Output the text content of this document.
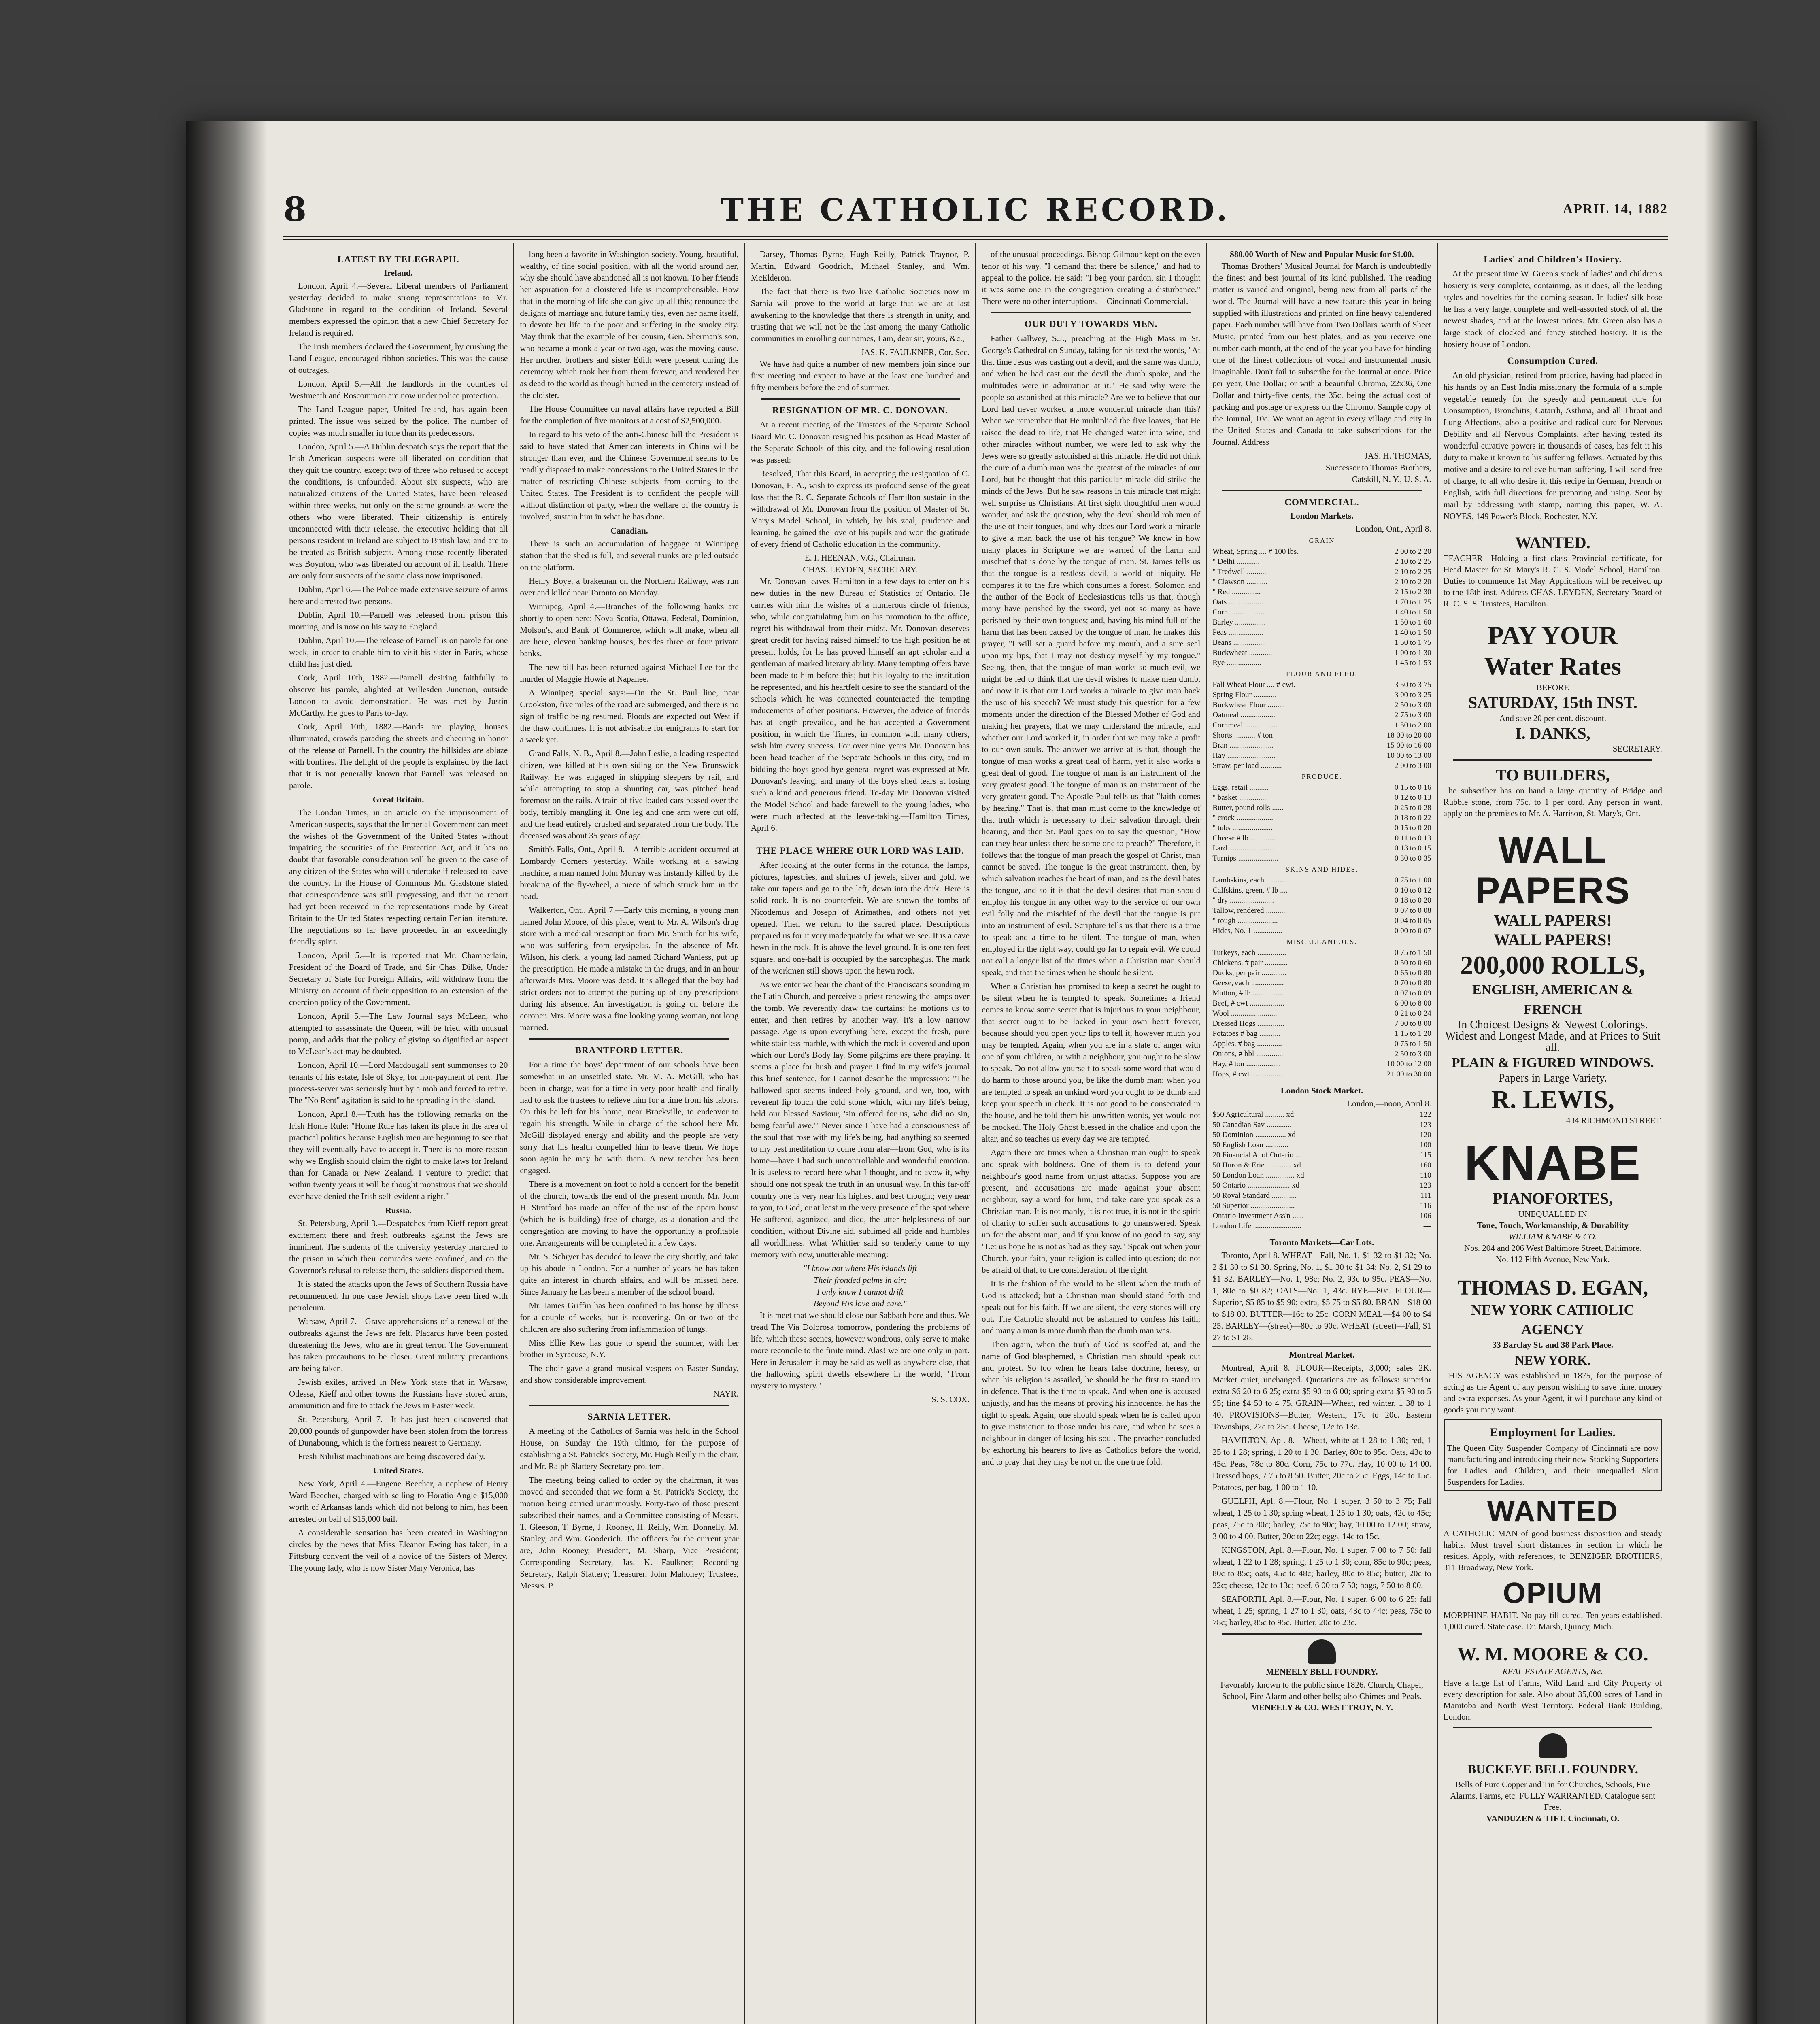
8	THE CATHOLIC RECORD.	APRIL 14, 1882
LATEST BY TELEGRAPH.
Ireland.

London, April 4.—Several Liberal members of Parliament yesterday decided to make strong representations to Mr. Gladstone in regard to the condition of Ireland. Several members expressed the opinion that a new Chief Secretary for Ireland is required.

The Irish members declared the Government, by crushing the Land League, encouraged ribbon societies. This was the cause of outrages.

London, April 5.—All the landlords in the counties of Westmeath and Roscommon are now under police protection.

The Land League paper, United Ireland, has again been printed. The issue was seized by the police. The number of copies was much smaller in tone than its predecessors.

London, April 5.—A Dublin despatch says the report that the Irish American suspects were all liberated on condition that they quit the country, except two of three who refused to accept the conditions, is unfounded. About six suspects, who are naturalized citizens of the United States, have been released within three weeks, but only on the same grounds as were the others who were liberated. Their citizenship is entirely unconnected with their release, the executive holding that all persons resident in Ireland are subject to British law, and are to be treated as British subjects. Among those recently liberated was Boynton, who was liberated on account of ill health. There are only four suspects of the same class now imprisoned.

Dublin, April 6.—The Police made extensive seizure of arms here and arrested two persons.

Dublin, April 10.—Parnell was released from prison this morning, and is now on his way to England.

Dublin, April 10.—The release of Parnell is on parole for one week, in order to enable him to visit his sister in Paris, whose child has just died.

Cork, April 10th, 1882.—Parnell desiring faithfully to observe his parole, alighted at Willesden Junction, outside London to avoid demonstration. He was met by Justin McCarthy. He goes to Paris to-day.

Cork, April 10th, 1882.—Bands are playing, houses illuminated, crowds parading the streets and cheering in honor of the release of Parnell. In the country the hillsides are ablaze with bonfires. The delight of the people is explained by the fact that it is not generally known that Parnell was released on parole.

Great Britain.

The London Times, in an article on the imprisonment of American suspects, says that the Imperial Government can meet the wishes of the Government of the United States without impairing the securities of the Protection Act, and it has no doubt that favorable consideration will be given to the case of any citizen of the States who will undertake if released to leave the country. In the House of Commons Mr. Gladstone stated that correspondence was still progressing, and that no report had yet been received in the representations made by Great Britain to the United States respecting certain Fenian literature. The negotiations so far have proceeded in an exceedingly friendly spirit.

London, April 5.—It is reported that Mr. Chamberlain, President of the Board of Trade, and Sir Chas. Dilke, Under Secretary of State for Foreign Affairs, will withdraw from the Ministry on account of their opposition to an extension of the coercion policy of the Government.

London, April 5.—The Law Journal says McLean, who attempted to assassinate the Queen, will be tried with unusual pomp, and adds that the policy of giving so dignified an aspect to McLean's act may be doubted.

London, April 10.—Lord Macdougall sent summonses to 20 tenants of his estate, Isle of Skye, for non-payment of rent. The process-server was seriously hurt by a mob and forced to retire. The "No Rent" agitation is said to be spreading in the island.

London, April 8.—Truth has the following remarks on the Irish Home Rule: "Home Rule has taken its place in the area of practical politics because English men are beginning to see that they will eventually have to accept it. There is no more reason why we English should claim the right to make laws for Ireland than for Canada or New Zealand. I venture to predict that within twenty years it will be thought monstrous that we should ever have denied the Irish self-evident a right."

Russia.

St. Petersburg, April 3.—Despatches from Kieff report great excitement there and fresh outbreaks against the Jews are imminent. The students of the university yesterday marched to the prison in which their comrades were confined, and on the Governor's refusal to release them, the soldiers dispersed them.

It is stated the attacks upon the Jews of Southern Russia have recommenced. In one case Jewish shops have been fired with petroleum.

Warsaw, April 7.—Grave apprehensions of a renewal of the outbreaks against the Jews are felt. Placards have been posted threatening the Jews, who are in great terror. The Government has taken precautions to be closer. Great military precautions are being taken.

Jewish exiles, arrived in New York state that in Warsaw, Odessa, Kieff and other towns the Russians have stored arms, ammunition and fire to attack the Jews in Easter week.

St. Petersburg, April 7.—It has just been discovered that 20,000 pounds of gunpowder have been stolen from the fortress of Dunaboung, which is the fortress nearest to Germany.

Fresh Nihilist machinations are being discovered daily.

United States.

New York, April 4.—Eugene Beecher, a nephew of Henry Ward Beecher, charged with selling to Horatio Angle $15,000 worth of Arkansas lands which did not belong to him, has been arrested on bail of $15,000 bail.

A considerable sensation has been created in Washington circles by the news that Miss Eleanor Ewing has taken, in a Pittsburg convent the veil of a novice of the Sisters of Mercy. The young lady, who is now Sister Mary Veronica, has

long been a favorite in Washington society. Young, beautiful, wealthy, of fine social position, with all the world around her, why she should have abandoned all is not known. To her friends her aspiration for a cloistered life is incomprehensible. How that in the morning of life she can give up all this; renounce the delights of marriage and future family ties, even her name itself, to devote her life to the poor and suffering in the smoky city. May think that the example of her cousin, Gen. Sherman's son, who became a monk a year or two ago, was the moving cause. Her mother, brothers and sister Edith were present during the ceremony which took her from them forever, and rendered her as dead to the world as though buried in the cemetery instead of the cloister.

The House Committee on naval affairs have reported a Bill for the completion of five monitors at a cost of $2,500,000.

In regard to his veto of the anti-Chinese bill the President is said to have stated that American interests in China will be stronger than ever, and the Chinese Government seems to be readily disposed to make concessions to the United States in the matter of restricting Chinese subjects from coming to the United States. The President is to confident the people will without distinction of party, when the welfare of the country is involved, sustain him in what he has done.

Canadian.

There is such an accumulation of baggage at Winnipeg station that the shed is full, and several trunks are piled outside on the platform.

Henry Boye, a brakeman on the Northern Railway, was run over and killed near Toronto on Monday.

Winnipeg, April 4.—Branches of the following banks are shortly to open here: Nova Scotia, Ottawa, Federal, Dominion, Molson's, and Bank of Commerce, which will make, when all are here, eleven banking houses, besides three or four private banks.

The new bill has been returned against Michael Lee for the murder of Maggie Howie at Napanee.

A Winnipeg special says:—On the St. Paul line, near Crookston, five miles of the road are submerged, and there is no sign of traffic being resumed. Floods are expected out West if the thaw continues. It is not advisable for emigrants to start for a week yet.

Grand Falls, N. B., April 8.—John Leslie, a leading respected citizen, was killed at his own siding on the New Brunswick Railway. He was engaged in shipping sleepers by rail, and while attempting to stop a shunting car, was pitched head foremost on the rails. A train of five loaded cars passed over the body, terribly mangling it. One leg and one arm were cut off, and the head entirely crushed and separated from the body. The deceased was about 35 years of age.

Smith's Falls, Ont., April 8.—A terrible accident occurred at Lombardy Corners yesterday. While working at a sawing machine, a man named John Murray was instantly killed by the breaking of the fly-wheel, a piece of which struck him in the head.

Walkerton, Ont., April 7.—Early this morning, a young man named John Moore, of this place, went to Mr. A. Wilson's drug store with a medical prescription from Mr. Smith for his wife, who was suffering from erysipelas. In the absence of Mr. Wilson, his clerk, a young lad named Richard Wanless, put up the prescription. He made a mistake in the drugs, and in an hour afterwards Mrs. Moore was dead. It is alleged that the boy had strict orders not to attempt the putting up of any prescriptions during his absence. An investigation is going on before the coroner. Mrs. Moore was a fine looking young woman, not long married.

BRANTFORD LETTER.

For a time the boys' department of our schools have been somewhat in an unsettled state. Mr. M. A. McGill, who has been in charge, was for a time in very poor health and finally had to ask the trustees to relieve him for a time from his labors. On this he left for his home, near Brockville, to endeavor to regain his strength. While in charge of the school here Mr. McGill displayed energy and ability and the people are very sorry that his health compelled him to leave them. We hope soon again he may be with them. A new teacher has been engaged.

There is a movement on foot to hold a concert for the benefit of the church, towards the end of the present month. Mr. John H. Stratford has made an offer of the use of the opera house (which he is building) free of charge, as a donation and the congregation are moving to have the opportunity a profitable one. Arrangements will be completed in a few days.

Mr. S. Schryer has decided to leave the city shortly, and take up his abode in London. For a number of years he has taken quite an interest in church affairs, and will be missed here. Since January he has been a member of the school board.

Mr. James Griffin has been confined to his house by illness for a couple of weeks, but is recovering. On or two of the children are also suffering from inflammation of lungs.

Miss Ellie Kew has gone to spend the summer, with her brother in Syracuse, N.Y.

The choir gave a grand musical vespers on Easter Sunday, and show considerable improvement.

NAYR.
SARNIA LETTER.

A meeting of the Catholics of Sarnia was held in the School House, on Sunday the 19th ultimo, for the purpose of establishing a St. Patrick's Society, Mr. Hugh Reilly in the chair, and Mr. Ralph Slattery Secretary pro. tem.

The meeting being called to order by the chairman, it was moved and seconded that we form a St. Patrick's Society, the motion being carried unanimously. Forty-two of those present subscribed their names, and a Committee consisting of Messrs. T. Gleeson, T. Byrne, J. Rooney, H. Reilly, Wm. Donnelly, M. Stanley, and Wm. Gooderich. The officers for the current year are, John Rooney, President, M. Sharp, Vice President; Corresponding Secretary, Jas. K. Faulkner; Recording Secretary, Ralph Slattery; Treasurer, John Mahoney; Trustees, Messrs. P.

Darsey, Thomas Byrne, Hugh Reilly, Patrick Traynor, P. Martin, Edward Goodrich, Michael Stanley, and Wm. McElderon.

The fact that there is two live Catholic Societies now in Sarnia will prove to the world at large that we are at last awakening to the knowledge that there is strength in unity, and trusting that we will not be the last among the many Catholic communities in enrolling our names, I am, dear sir, yours, &c.,

JAS. K. FAULKNER, Cor. Sec.

We have had quite a number of new members join since our first meeting and expect to have at the least one hundred and fifty members before the end of summer.

RESIGNATION OF MR. C. DONOVAN.

At a recent meeting of the Trustees of the Separate School Board Mr. C. Donovan resigned his position as Head Master of the Separate Schools of this city, and the following resolution was passed:

Resolved, That this Board, in accepting the resignation of C. Donovan, E. A., wish to express its profound sense of the great loss that the R. C. Separate Schools of Hamilton sustain in the withdrawal of Mr. Donovan from the position of Master of St. Mary's Model School, in which, by his zeal, prudence and learning, he gained the love of his pupils and won the gratitude of every friend of Catholic education in the community.

E. I. HEENAN, V.G., Chairman.
CHAS. LEYDEN, SECRETARY.

Mr. Donovan leaves Hamilton in a few days to enter on his new duties in the new Bureau of Statistics of Ontario. He carries with him the wishes of a numerous circle of friends, who, while congratulating him on his promotion to the office, regret his withdrawal from their midst. Mr. Donovan deserves great credit for having raised himself to the high position he at present holds, for he has proved himself an apt scholar and a gentleman of marked literary ability. Many tempting offers have been made to him before this; but his loyalty to the institution he represented, and his heartfelt desire to see the standard of the schools which he was connected counteracted the tempting inducements of other positions. However, the advice of friends has at length prevailed, and he has accepted a Government position, in which the Times, in common with many others, wish him every success. For over nine years Mr. Donovan has been head teacher of the Separate Schools in this city, and in bidding the boys good-bye general regret was expressed at Mr. Donovan's leaving, and many of the boys shed tears at losing such a kind and generous friend. To-day Mr. Donovan visited the Model School and bade farewell to the young ladies, who were much affected at the leave-taking.—Hamilton Times, April 6.

THE PLACE WHERE OUR LORD WAS LAID.

After looking at the outer forms in the rotunda, the lamps, pictures, tapestries, and shrines of jewels, silver and gold, we take our tapers and go to the left, down into the dark. Here is solid rock. It is no counterfeit. We are shown the tombs of Nicodemus and Joseph of Arimathea, and others not yet opened. Then we return to the sacred place. Descriptions prepared us for it very inadequately for what we see. It is a cave hewn in the rock. It is above the level ground. It is one ten feet square, and one-half is occupied by the sarcophagus. The mark of the workmen still shows upon the hewn rock.

As we enter we hear the chant of the Franciscans sounding in the Latin Church, and perceive a priest renewing the lamps over the tomb. We reverently draw the curtains; he motions us to enter, and then retires by another way. It's a low narrow passage. Age is upon everything here, except the fresh, pure white stainless marble, with which the rock is covered and upon which our Lord's Body lay. Some pilgrims are there praying. It seems a place for hush and prayer. I find in my wife's journal this brief sentence, for I cannot describe the impression: "The hallowed spot seems indeed holy ground, and we, too, with reverent lip touch the cold stone which, with my life's being, held our blessed Saviour, 'sin offered for us, who did no sin, being fearful awe.'" Never since I have had a consciousness of the soul that rose with my life's being, had anything so seemed to my best meditation to come from afar—from God, who is its home—have I had such uncontrollable and wonderful emotion. It is useless to record here what I thought, and to avow it, why should one not speak the truth in an unusual way. In this far-off country one is very near his highest and best thought; very near to you, to God, or at least in the very presence of the spot where He suffered, agonized, and died, the utter helplessness of our condition, without Divine aid, sublimed all pride and humbles all worldliness. What Whittier said so tenderly came to my memory with new, unutterable meaning:

"I know not where His islands lift
Their fronded palms in air;
I only know I cannot drift
Beyond His love and care."

It is meet that we should close our Sabbath here and thus. We tread The Via Dolorosa tomorrow, pondering the problems of life, which these scenes, however wondrous, only serve to make more reconcile to the finite mind. Alas! we are one only in part. Here in Jerusalem it may be said as well as anywhere else, that the hallowing spirit dwells elsewhere in the world, "From mystery to mystery."

S. S. COX.

of the unusual proceedings. Bishop Gilmour kept on the even tenor of his way. "I demand that there be silence," and had to appeal to the police. He said: "I beg your pardon, sir, I thought it was some one in the congregation creating a disturbance." There were no other interruptions.—Cincinnati Commercial.

OUR DUTY TOWARDS MEN.

Father Gallwey, S.J., preaching at the High Mass in St. George's Cathedral on Sunday, taking for his text the words, "At that time Jesus was casting out a devil, and the same was dumb, and when he had cast out the devil the dumb spoke, and the multitudes were in admiration at it." He said why were the people so astonished at this miracle? Are we to believe that our Lord had never worked a more wonderful miracle than this? When we remember that He multiplied the five loaves, that He raised the dead to life, that He changed water into wine, and other miracles without number, we were led to ask why the Jews were so greatly astonished at this miracle. He did not think the cure of a dumb man was the greatest of the miracles of our Lord, but he thought that this particular miracle did strike the minds of the Jews. But he saw reasons in this miracle that might well surprise us Christians. At first sight thoughtful men would wonder, and ask the question, why the devil should rob men of the use of their tongues, and why does our Lord work a miracle to give a man back the use of his tongue? We know in how many places in Scripture we are warned of the harm and mischief that is done by the tongue of man. St. James tells us that the tongue is a restless devil, a world of iniquity. He compares it to the fire which consumes a forest. Solomon and the author of the Book of Ecclesiasticus tells us that, though many have perished by the sword, yet not so many as have perished by their own tongues; and, having his mind full of the harm that has been caused by the tongue of man, he makes this prayer, "I will set a guard before my mouth, and a sure seal upon my lips, that I may not destroy myself by my tongue." Seeing, then, that the tongue of man works so much evil, we might be led to think that the devil wishes to make men dumb, and now it is that our Lord works a miracle to give man back the use of his speech? We must study this question for a few moments under the direction of the Blessed Mother of God and making her prayers, that we may understand the miracle, and whether our Lord worked it, in order that we may take a profit to our own souls. The answer we arrive at is that, though the tongue of man works a great deal of harm, yet it also works a great deal of good. The tongue of man is an instrument of the very greatest good. The tongue of man is an instrument of the very greatest good. The Apostle Paul tells us that "faith comes by hearing." That is, that man must come to the knowledge of that truth which is necessary to their salvation through their hearing, and then St. Paul goes on to say the question, "How can they hear unless there be some one to preach?" Therefore, it follows that the tongue of man preach the gospel of Christ, man cannot be saved. The tongue is the great instrument, then, by which salvation reaches the heart of man, and as the devil hates the tongue, and so it is that the devil desires that man should employ his tongue in any other way to the service of our own evil folly and the mischief of the devil that the tongue is put into an instrument of evil. Scripture tells us that there is a time to speak and a time to be silent. The tongue of man, when employed in the right way, could go far to repair evil. We could not call a longer list of the times when a Christian man should speak, and that the times when he should be silent.

When a Christian has promised to keep a secret he ought to be silent when he is tempted to speak. Sometimes a friend comes to know some secret that is injurious to your neighbour, that secret ought to be locked in your own heart forever, because should you open your lips to tell it, however much you may be tempted. Again, when you are in a state of anger with one of your children, or with a neighbour, you ought to be slow to speak. Do not allow yourself to speak some word that would do harm to those around you, be like the dumb man; when you are tempted to speak an unkind word you ought to be dumb and keep your speech in check. It is not good to be consecrated in the house, and he told them his unwritten words, yet would not be mocked. The Holy Ghost blessed in the chalice and upon the altar, and so teaches us every day we are tempted.

Again there are times when a Christian man ought to speak and speak with boldness. One of them is to defend your neighbour's good name from unjust attacks. Suppose you are present, and accusations are made against your absent neighbour, say a word for him, and take care you speak as a Christian man. It is not manly, it is not true, it is not in the spirit of charity to suffer such accusations to go unanswered. Speak up for the absent man, and if you know of no good to say, say "Let us hope he is not as bad as they say." Speak out when your Church, your faith, your religion is called into question; do not be afraid of that, to the consideration of the right.

It is the fashion of the world to be silent when the truth of God is attacked; but a Christian man should stand forth and speak out for his faith. If we are silent, the very stones will cry out. The Catholic should not be ashamed to confess his faith; and many a man is more dumb than the dumb man was.

Then again, when the truth of God is scoffed at, and the name of God blasphemed, a Christian man should speak out and protest. So too when he hears false doctrine, heresy, or when his religion is assailed, he should be the first to stand up in defence. That is the time to speak. And when one is accused unjustly, and has the means of proving his innocence, he has the right to speak. Again, one should speak when he is called upon to give instruction to those under his care, and when he sees a neighbour in danger of losing his soul. The preacher concluded by exhorting his hearers to live as Catholics before the world, and to pray that they may be not on the one true fold.

$80.00 Worth of New and Popular Music for $1.00.

Thomas Brothers' Musical Journal for March is undoubtedly the finest and best journal of its kind published. The reading matter is varied and original, being new from all parts of the world. The Journal will have a new feature this year in being supplied with illustrations and printed on fine heavy calendered paper. Each number will have from Two Dollars' worth of Sheet Music, printed from our best plates, and as you receive one number each month, at the end of the year you have for binding one of the finest collections of vocal and instrumental music imaginable. Don't fail to subscribe for the Journal at once. Price per year, One Dollar; or with a beautiful Chromo, 22x36, One Dollar and thirty-five cents, the 35c. being the actual cost of packing and postage or express on the Chromo. Sample copy of the Journal, 10c. We want an agent in every village and city in the United States and Canada to take subscriptions for the Journal. Address

JAS. H. THOMAS,
Successor to Thomas Brothers,
Catskill, N. Y., U. S. A.
COMMERCIAL.
London Markets.
London, Ont., April 8.
GRAIN
Wheat, Spring .... # 100 lbs.	2 00 to 2 20
" Delhi ............	2 10 to 2 25
" Tredwell ..........	2 10 to 2 25
" Clawson ...........	2 10 to 2 20
" Red ...............	2 15 to 2 30
Oats ..................	1 70 to 1 75
Corn ..................	1 40 to 1 50
Barley ................	1 50 to 1 60
Peas ..................	1 40 to 1 50
Beans .................	1 50 to 1 75
Buckwheat ............	1 00 to 1 30
Rye ..................	1 45 to 1 53
FLOUR AND FEED.
Fall Wheat Flour .... # cwt.	3 50 to 3 75
Spring Flour ............	3 00 to 3 25
Buckwheat Flour .........	2 50 to 3 00
Oatmeal ..................	2 75 to 3 00
Cornmeal .................	1 50 to 2 00
Shorts ........... # ton	18 00 to 20 00
Bran .......................	15 00 to 16 00
Hay .........................	10 00 to 13 00
Straw, per load ...........	2 00 to 3 00
PRODUCE.
Eggs, retail ..........	0 15 to 0 16
" basket ...............	0 12 to 0 13
Butter, pound rolls ......	0 25 to 0 28
" crock ...................	0 18 to 0 22
" tubs .....................	0 15 to 0 20
Cheese # lb .............	0 11 to 0 13
Lard ..........................	0 13 to 0 15
Turnips .....................	0 30 to 0 35
SKINS AND HIDES.
Lambskins, each ..........	0 75 to 1 00
Calfskins, green, # lb ....	0 10 to 0 12
" dry .......................	0 18 to 0 20
Tallow, rendered ...........	0 07 to 0 08
" rough .....................	0 04 to 0 05
Hides, No. 1 ...............	0 00 to 0 07
MISCELLANEOUS.
Turkeys, each ...............	0 75 to 1 50
Chickens, # pair ............	0 50 to 0 60
Ducks, per pair .............	0 65 to 0 80
Geese, each .................	0 70 to 0 80
Mutton, # lb ................	0 07 to 0 09
Beef, # cwt ..................	6 00 to 8 00
Wool ........................	0 21 to 0 24
Dressed Hogs ..............	7 00 to 8 00
Potatoes # bag ...........	1 15 to 1 20
Apples, # bag .............	0 75 to 1 50
Onions, # bbl ..............	2 50 to 3 00
Hay, # ton ..................	10 00 to 12 00
Hops, # cwt ................	21 00 to 30 00
London Stock Market.
London,—noon, April 8.
$50 Agricultural .......... xd	122
50 Canadian Sav .............	123
50 Dominion ................ xd	120
50 English Loan ............	100
20 Financial A. of Ontario ....	115
50 Huron & Erie ............. xd	160
50 London Loan ............... xd	110
50 Ontario ...................... xd	123
50 Royal Standard .............	111
50 Superior .......................	116
Ontario Investment Ass'n ......	106
London Life .........................	—
Toronto Markets—Car Lots.

Toronto, April 8. WHEAT—Fall, No. 1, $1 32 to $1 32; No. 2 $1 30 to $1 30. Spring, No. 1, $1 30 to $1 34; No. 2, $1 29 to $1 32. BARLEY—No. 1, 98c; No. 2, 93c to 95c. PEAS—No. 1, 80c to $0 82; OATS—No. 1, 43c. RYE—80c. FLOUR—Superior, $5 85 to $5 90; extra, $5 75 to $5 80. BRAN—$18 00 to $18 00. BUTTER—16c to 25c. CORN MEAL—$4 00 to $4 25. BARLEY—(street)—80c to 90c. WHEAT (street)—Fall, $1 27 to $1 28.

Montreal Market.

Montreal, April 8. FLOUR—Receipts, 3,000; sales 2K. Market quiet, unchanged. Quotations are as follows: superior extra $6 20 to 6 25; extra $5 90 to 6 00; spring extra $5 90 to 5 95; fine $4 50 to 4 75. GRAIN—Wheat, red winter, 1 38 to 1 40. PROVISIONS—Butter, Western, 17c to 20c. Eastern Townships, 22c to 25c. Cheese, 12c to 13c.

HAMILTON, Apl. 8.—Wheat, white at 1 28 to 1 30; red, 1 25 to 1 28; spring, 1 20 to 1 30. Barley, 80c to 95c. Oats, 43c to 45c. Peas, 78c to 80c. Corn, 75c to 77c. Hay, 10 00 to 14 00. Dressed hogs, 7 75 to 8 50. Butter, 20c to 25c. Eggs, 14c to 15c. Potatoes, per bag, 1 00 to 1 10.

GUELPH, Apl. 8.—Flour, No. 1 super, 3 50 to 3 75; Fall wheat, 1 25 to 1 30; spring wheat, 1 25 to 1 30; oats, 42c to 45c; peas, 75c to 80c; barley, 75c to 90c; hay, 10 00 to 12 00; straw, 3 00 to 4 00. Butter, 20c to 22c; eggs, 14c to 15c.

KINGSTON, Apl. 8.—Flour, No. 1 super, 7 00 to 7 50; fall wheat, 1 22 to 1 28; spring, 1 25 to 1 30; corn, 85c to 90c; peas, 80c to 85c; oats, 45c to 48c; barley, 80c to 85c; butter, 20c to 22c; cheese, 12c to 13c; beef, 6 00 to 7 50; hogs, 7 50 to 8 00.

SEAFORTH, Apl. 8.—Flour, No. 1 super, 6 00 to 6 25; fall wheat, 1 25; spring, 1 27 to 1 30; oats, 43c to 44c; peas, 75c to 78c; barley, 85c to 95c. Butter, 20c to 23c.

MENEELY BELL FOUNDRY.
Favorably known to the public since 1826. Church, Chapel, School, Fire Alarm and other bells; also Chimes and Peals.
MENEELY & CO. WEST TROY, N. Y.
Ladies' and Children's Hosiery.

At the present time W. Green's stock of ladies' and children's hosiery is very complete, containing, as it does, all the leading styles and novelties for the coming season. In ladies' silk hose he has a very large, complete and well-assorted stock of all the newest shades, and at the lowest prices. Mr. Green also has a large stock of clocked and fancy stitched hosiery. It is the hosiery house of London.

Consumption Cured.

An old physician, retired from practice, having had placed in his hands by an East India missionary the formula of a simple vegetable remedy for the speedy and permanent cure for Consumption, Bronchitis, Catarrh, Asthma, and all Throat and Lung Affections, also a positive and radical cure for Nervous Debility and all Nervous Complaints, after having tested its wonderful curative powers in thousands of cases, has felt it his duty to make it known to his suffering fellows. Actuated by this motive and a desire to relieve human suffering, I will send free of charge, to all who desire it, this recipe in German, French or English, with full directions for preparing and using. Sent by mail by addressing with stamp, naming this paper, W. A. NOYES, 149 Power's Block, Rochester, N.Y.

WANTED.
TEACHER—Holding a first class Provincial certificate, for Head Master for St. Mary's R. C. S. Model School, Hamilton. Duties to commence 1st May. Applications will be received up to the 18th inst. Address CHAS. LEYDEN, Secretary Board of R. C. S. S. Trustees, Hamilton.
PAY YOUR
Water Rates
BEFORE
SATURDAY, 15th INST.
And save 20 per cent. discount.
I. DANKS,
SECRETARY.
TO BUILDERS,
The subscriber has on hand a large quantity of Bridge and Rubble stone, from 75c. to 1 per cord. Any person in want, apply on the premises to Mr. A. Harrison, St. Mary's, Ont.
WALL PAPERS
WALL PAPERS!
WALL PAPERS!
200,000 ROLLS,
ENGLISH, AMERICAN & FRENCH
In Choicest Designs & Newest Colorings.
Widest and Longest Made, and at Prices to Suit all.
PLAIN & FIGURED WINDOWS.
Papers in Large Variety.
R. LEWIS,
434 RICHMOND STREET.
KNABE
PIANOFORTES,
UNEQUALLED IN
Tone, Touch, Workmanship, & Durability
WILLIAM KNABE & CO.
Nos. 204 and 206 West Baltimore Street, Baltimore.
No. 112 Fifth Avenue, New York.
THOMAS D. EGAN,
NEW YORK CATHOLIC AGENCY
33 Barclay St. and 38 Park Place.
NEW YORK.
THIS AGENCY was established in 1875, for the purpose of acting as the Agent of any person wishing to save time, money and extra expenses. As your Agent, it will purchase any kind of goods you may want.
Employment for Ladies.
The Queen City Suspender Company of Cincinnati are now manufacturing and introducing their new Stocking Supporters for Ladies and Children, and their unequalled Skirt Suspenders for Ladies.
WANTED
A CATHOLIC MAN of good business disposition and steady habits. Must travel short distances in section in which he resides. Apply, with references, to BENZIGER BROTHERS, 311 Broadway, New York.
OPIUM
MORPHINE HABIT. No pay till cured. Ten years established. 1,000 cured. State case. Dr. Marsh, Quincy, Mich.
W. M. MOORE & CO.
REAL ESTATE AGENTS, &c.
Have a large list of Farms, Wild Land and City Property of every description for sale. Also about 35,000 acres of Land in Manitoba and North West Territory. Federal Bank Building, London.
BUCKEYE BELL FOUNDRY.
Bells of Pure Copper and Tin for Churches, Schools, Fire Alarms, Farms, etc. FULLY WARRANTED. Catalogue sent Free.
VANDUZEN & TIFT, Cincinnati, O.
